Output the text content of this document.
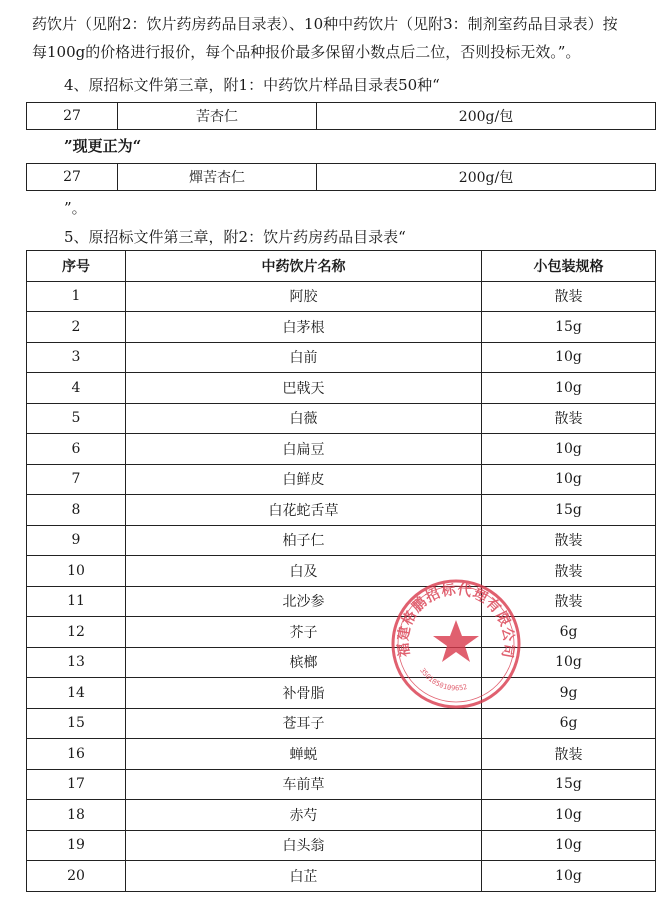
药饮片（见附2：饮片药房药品目录表）、10种中药饮片（见附3：制剂室药品目录表）按
每100g的价格进行报价，每个品种报价最多保留小数点后二位，否则投标无效。”。
4、原招标文件第三章，附1：中药饮片样品目录表50种“
27	苦杏仁	200g/包
”现更正为“
27	燀苦杏仁	200g/包
”。
5、原招标文件第三章，附2：饮片药房药品目录表“
序号	中药饮片名称	小包装规格
1	阿胶	散装
2	白茅根	15g
3	白前	10g
4	巴戟天	10g
5	白薇	散装
6	白扁豆	10g
7	白鲜皮	10g
8	白花蛇舌草	15g
9	柏子仁	散装
10	白及	散装
11	北沙参	散装
12	芥子	6g
13	槟榔	10g
14	补骨脂	9g
15	苍耳子	6g
16	蝉蜕	散装
17	车前草	15g
18	赤芍	10g
19	白头翁	10g
20	白芷	10g
福建格鹏招标代理有限公司
3501050109652
